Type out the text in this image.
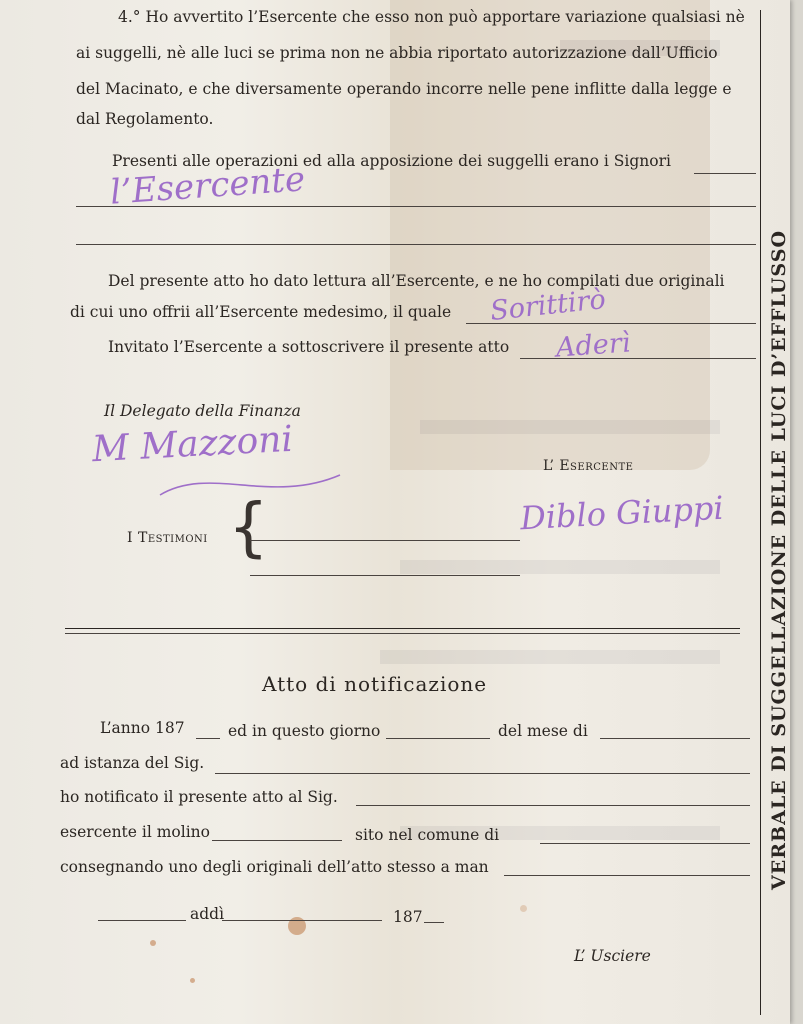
VERBALE DI SUGGELLAZIONE DELLE LUCI D’EFFLUSSO
4.° Ho avvertito l’Esercente che esso non può apportare variazione qualsiasi nè
ai suggelli, nè alle luci se prima non ne abbia riportato autorizzazione dall’Ufficio
del Macinato, e che diversamente operando incorre nelle pene inflitte dalla legge e
dal Regolamento.
Presenti alle operazioni ed alla apposizione dei suggelli erano i Signori
l’Esercente
Del presente atto ho dato lettura all’Esercente, e ne ho compilati due originali
di cui uno offrii all’Esercente medesimo, il quale Sorittirò
Invitato l’Esercente a sottoscrivere il presente atto Aderì
Il Delegato della Finanza
M Mazzoni	L’ Esercente
Diblo Giuppi
I Testimoni {
Atto di notificazione
L’anno 187	ed in questo giorno	del mese di
ad istanza del Sig.
ho notificato il presente atto al Sig.
esercente il molino	sito nel comune di
consegnando uno degli originali dell’atto stesso a man
addì	187
L’ Usciere
